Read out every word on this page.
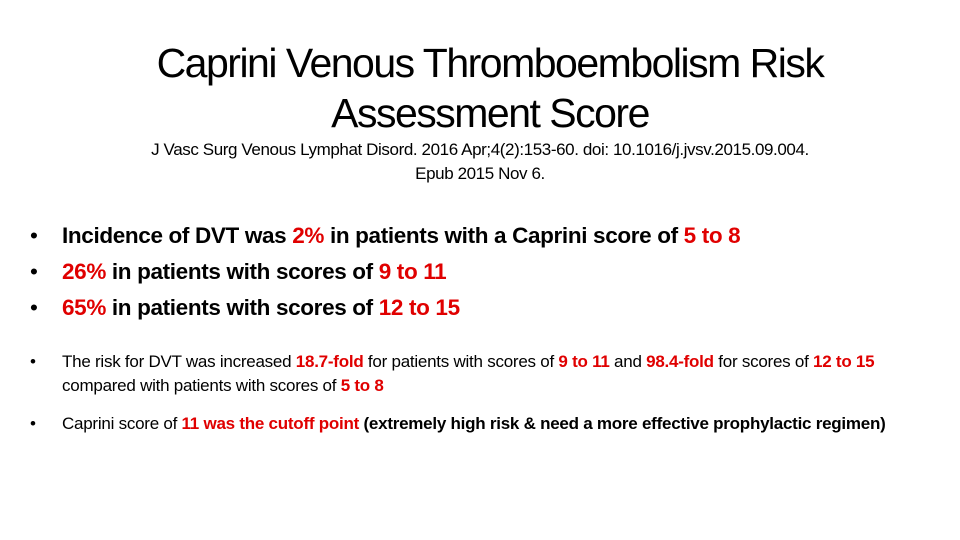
Caprini Venous Thromboembolism Risk
Assessment Score
J Vasc Surg Venous Lymphat Disord. 2016 Apr;4(2):153-60. doi: 10.1016/j.jvsv.2015.09.004.
Epub 2015 Nov 6.
• Incidence of DVT was 2% in patients with a Caprini score of 5 to 8
• 26% in patients with scores of 9 to 11
• 65% in patients with scores of 12 to 15
• The risk for DVT was increased 18.7-fold for patients with scores of 9 to 11 and 98.4-fold for scores of 12 to 15 compared with patients with scores of 5 to 8
• Caprini score of 11 was the cutoff point (extremely high risk & need a more effective prophylactic regimen)
